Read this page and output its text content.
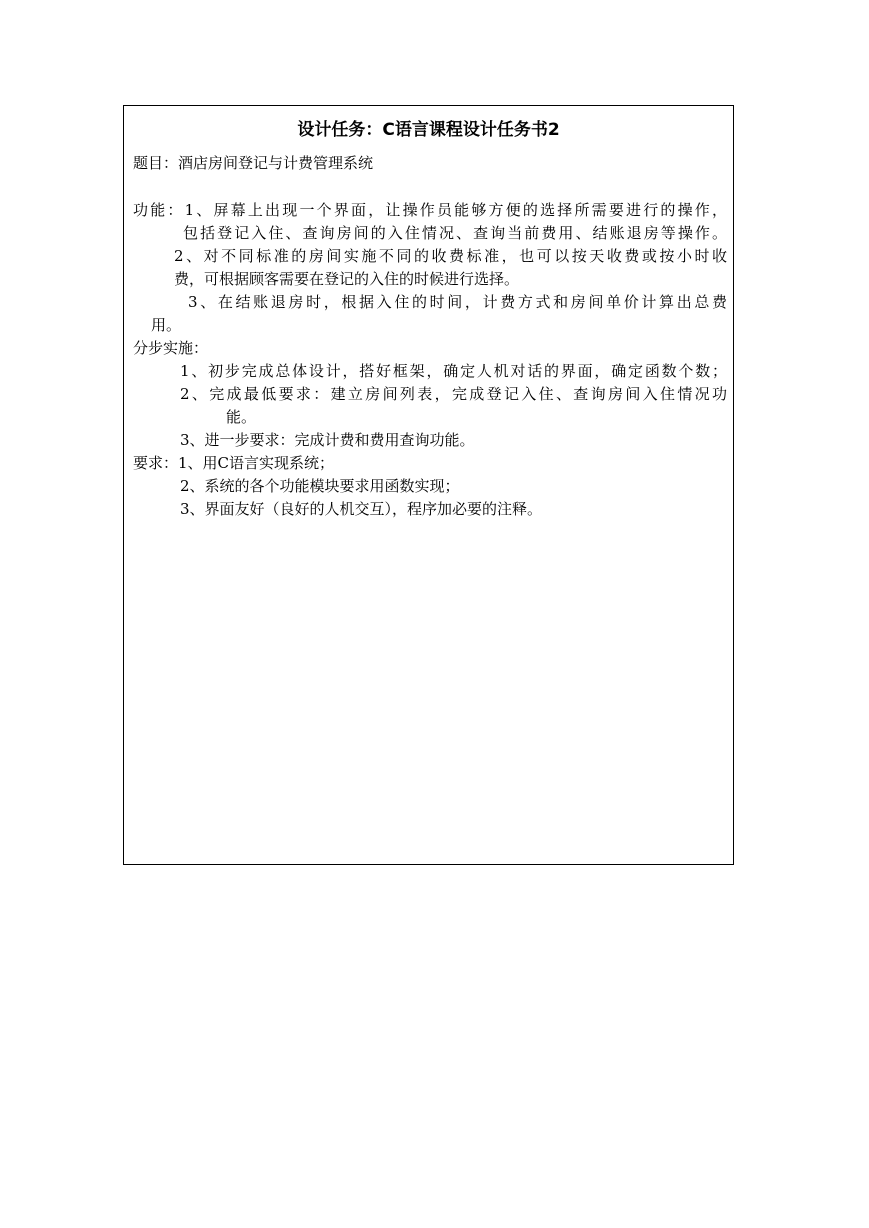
设计任务：C语言课程设计任务书2
题目：酒店房间登记与计费管理系统
功能：1、屏幕上出现一个界面，让操作员能够方便的选择所需要进行的操作，
包括登记入住、查询房间的入住情况、查询当前费用、结账退房等操作。
2、对不同标准的房间实施不同的收费标准，也可以按天收费或按小时收
费，可根据顾客需要在登记的入住的时候进行选择。
3、在结账退房时，根据入住的时间，计费方式和房间单价计算出总费
用。
分步实施：
1、初步完成总体设计，搭好框架，确定人机对话的界面，确定函数个数；
2、完成最低要求：建立房间列表，完成登记入住、查询房间入住情况功
能。
3、进一步要求：完成计费和费用查询功能。
要求：1、用C语言实现系统；
2、系统的各个功能模块要求用函数实现；
3、界面友好（良好的人机交互），程序加必要的注释。
